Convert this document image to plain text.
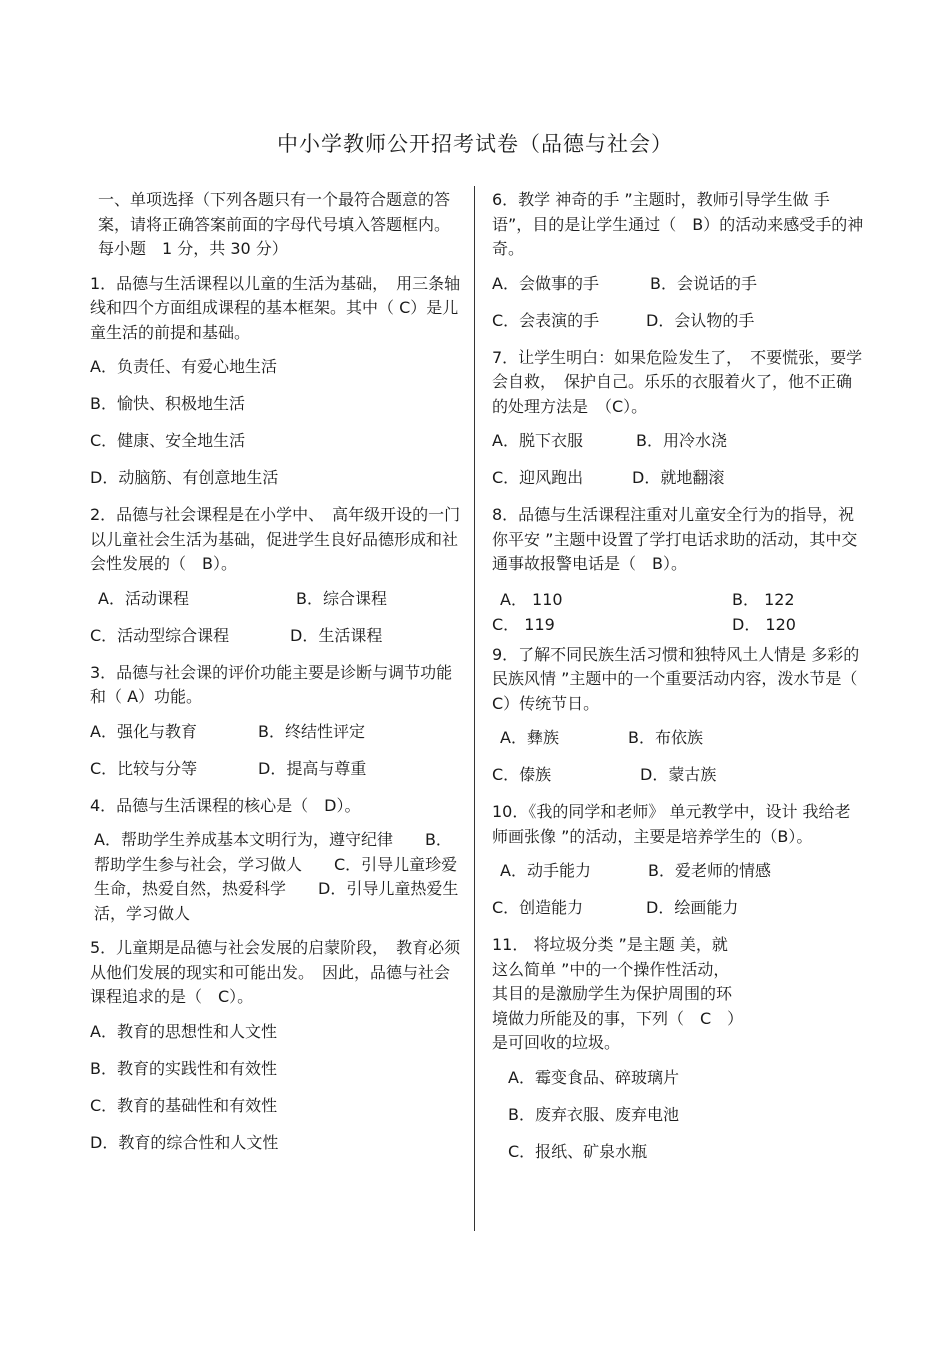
中小学教师公开招考试卷（品德与社会）

一、单项选择（下列各题只有一个最符合题意的答案，请将正确答案前面的字母代号填入答题框内。每小题　1 分，共 30 分）

1．品德与生活课程以儿童的生活为基础，　用三条轴线和四个方面组成课程的基本框架。其中（ C）是儿童生活的前提和基础。

A．负责任、有爱心地生活
B．愉快、积极地生活
C．健康、安全地生活
D．动脑筋、有创意地生活

2．品德与社会课程是在小学中、　高年级开设的一门以儿童社会生活为基础，促进学生良好品德形成和社会性发展的（　B）。

A．活动课程	B．综合课程
C．活动型综合课程	D．生活课程

3．品德与社会课的评价功能主要是诊断与调节功能和（ A）功能。

A．强化与教育	B．终结性评定
C．比较与分等	D．提高与尊重

4．品德与生活课程的核心是（　D）。

A．帮助学生养成基本文明行为，遵守纪律　　B．帮助学生参与社会，学习做人　　C．引导儿童珍爱生命，热爱自然，热爱科学　　D．引导儿童热爱生活，学习做人

5．儿童期是品德与社会发展的启蒙阶段，　教育必须从他们发展的现实和可能出发。　因此，品德与社会课程追求的是（　C）。

A．教育的思想性和人文性
B．教育的实践性和有效性
C．教育的基础性和有效性
D．教育的综合性和人文性

6．教学 神奇的手 ”主题时，教师引导学生做 手语”，目的是让学生通过（　B）的活动来感受手的神奇。

A．会做事的手	B．会说话的手
C．会表演的手	D．会认物的手

7．让学生明白：如果危险发生了，　不要慌张，要学会自救，　保护自己。乐乐的衣服着火了，他不正确的处理方法是　（C）。

A．脱下衣服	B．用冷水浇
C．迎风跑出	D．就地翻滚

8．品德与生活课程注重对儿童安全行为的指导，祝你平安 ”主题中设置了学打电话求助的活动，其中交通事故报警电话是（　B）。

A． 110	B． 122
C． 119	D． 120

9．了解不同民族生活习惯和独特风土人情是 多彩的民族风情 ”主题中的一个重要活动内容，泼水节是（ C）传统节日。

A．彝族	B．布依族
C．傣族	D．蒙古族

10．《我的同学和老师》 单元教学中，设计 我给老师画张像 ”的活动，主要是培养学生的（B）。

A．动手能力	B．爱老师的情感
C．创造能力	D．绘画能力

11． 将垃圾分类 ”是主题 美，就这么简单 ”中的一个操作性活动，其目的是激励学生为保护周围的环境做力所能及的事，下列（　C　）是可回收的垃圾。

A．霉变食品、碎玻璃片
B．废弃衣服、废弃电池
C．报纸、矿泉水瓶
